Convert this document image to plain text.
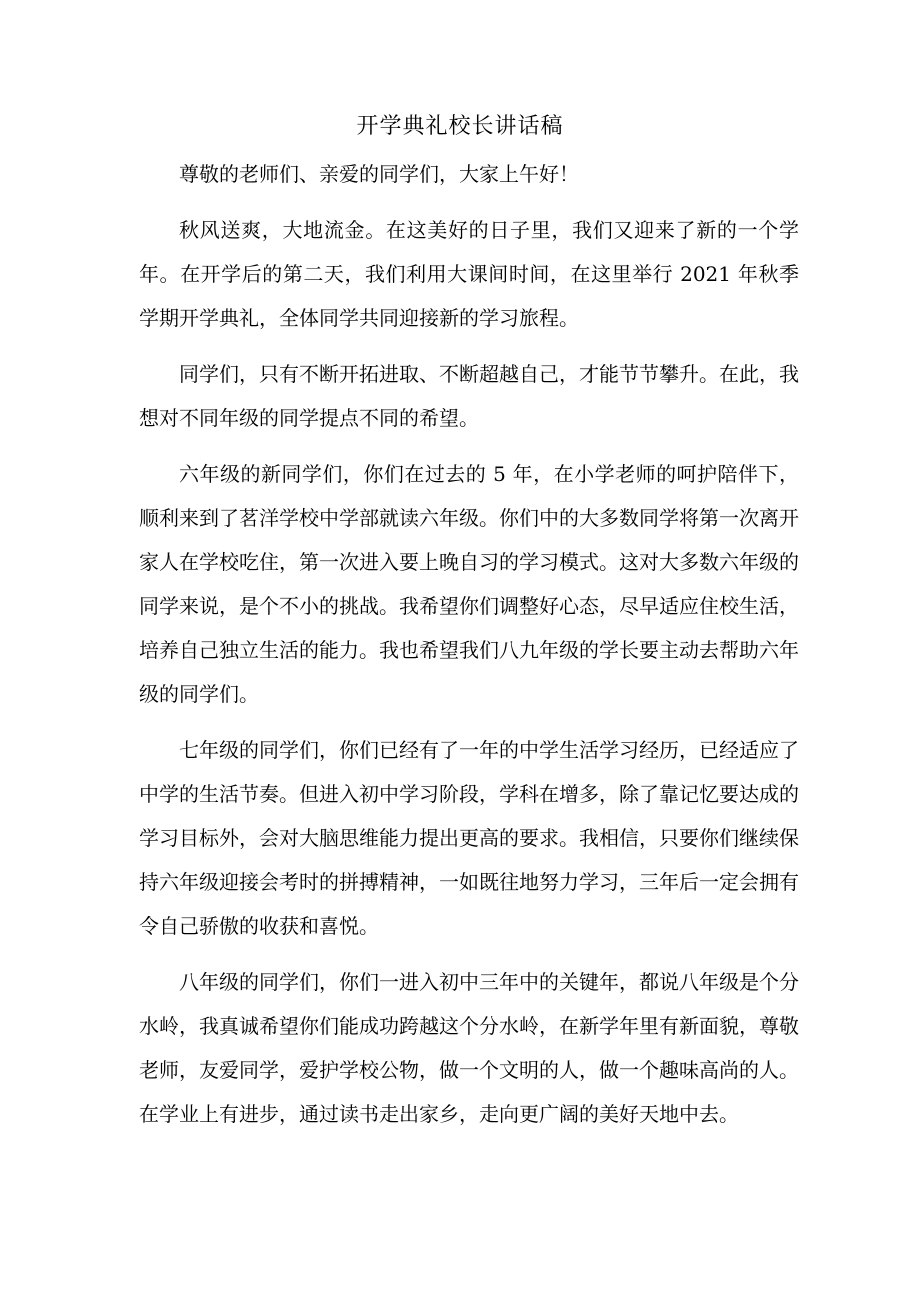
开学典礼校长讲话稿

尊敬的老师们、亲爱的同学们，大家上午好！

秋风送爽，大地流金。在这美好的日子里，我们又迎来了新的一个学年。在开学后的第二天，我们利用大课间时间，在这里举行 2021 年秋季学期开学典礼，全体同学共同迎接新的学习旅程。

同学们，只有不断开拓进取、不断超越自己，才能节节攀升。在此，我想对不同年级的同学提点不同的希望。

六年级的新同学们，你们在过去的 5 年，在小学老师的呵护陪伴下，顺利来到了茗洋学校中学部就读六年级。你们中的大多数同学将第一次离开家人在学校吃住，第一次进入要上晚自习的学习模式。这对大多数六年级的同学来说，是个不小的挑战。我希望你们调整好心态，尽早适应住校生活，培养自己独立生活的能力。我也希望我们八九年级的学长要主动去帮助六年级的同学们。

七年级的同学们，你们已经有了一年的中学生活学习经历，已经适应了中学的生活节奏。但进入初中学习阶段，学科在增多，除了靠记忆要达成的学习目标外，会对大脑思维能力提出更高的要求。我相信，只要你们继续保持六年级迎接会考时的拼搏精神，一如既往地努力学习，三年后一定会拥有令自己骄傲的收获和喜悦。

八年级的同学们，你们一进入初中三年中的关键年，都说八年级是个分水岭，我真诚希望你们能成功跨越这个分水岭，在新学年里有新面貌，尊敬老师，友爱同学，爱护学校公物，做一个文明的人，做一个趣味高尚的人。在学业上有进步，通过读书走出家乡，走向更广阔的美好天地中去。
